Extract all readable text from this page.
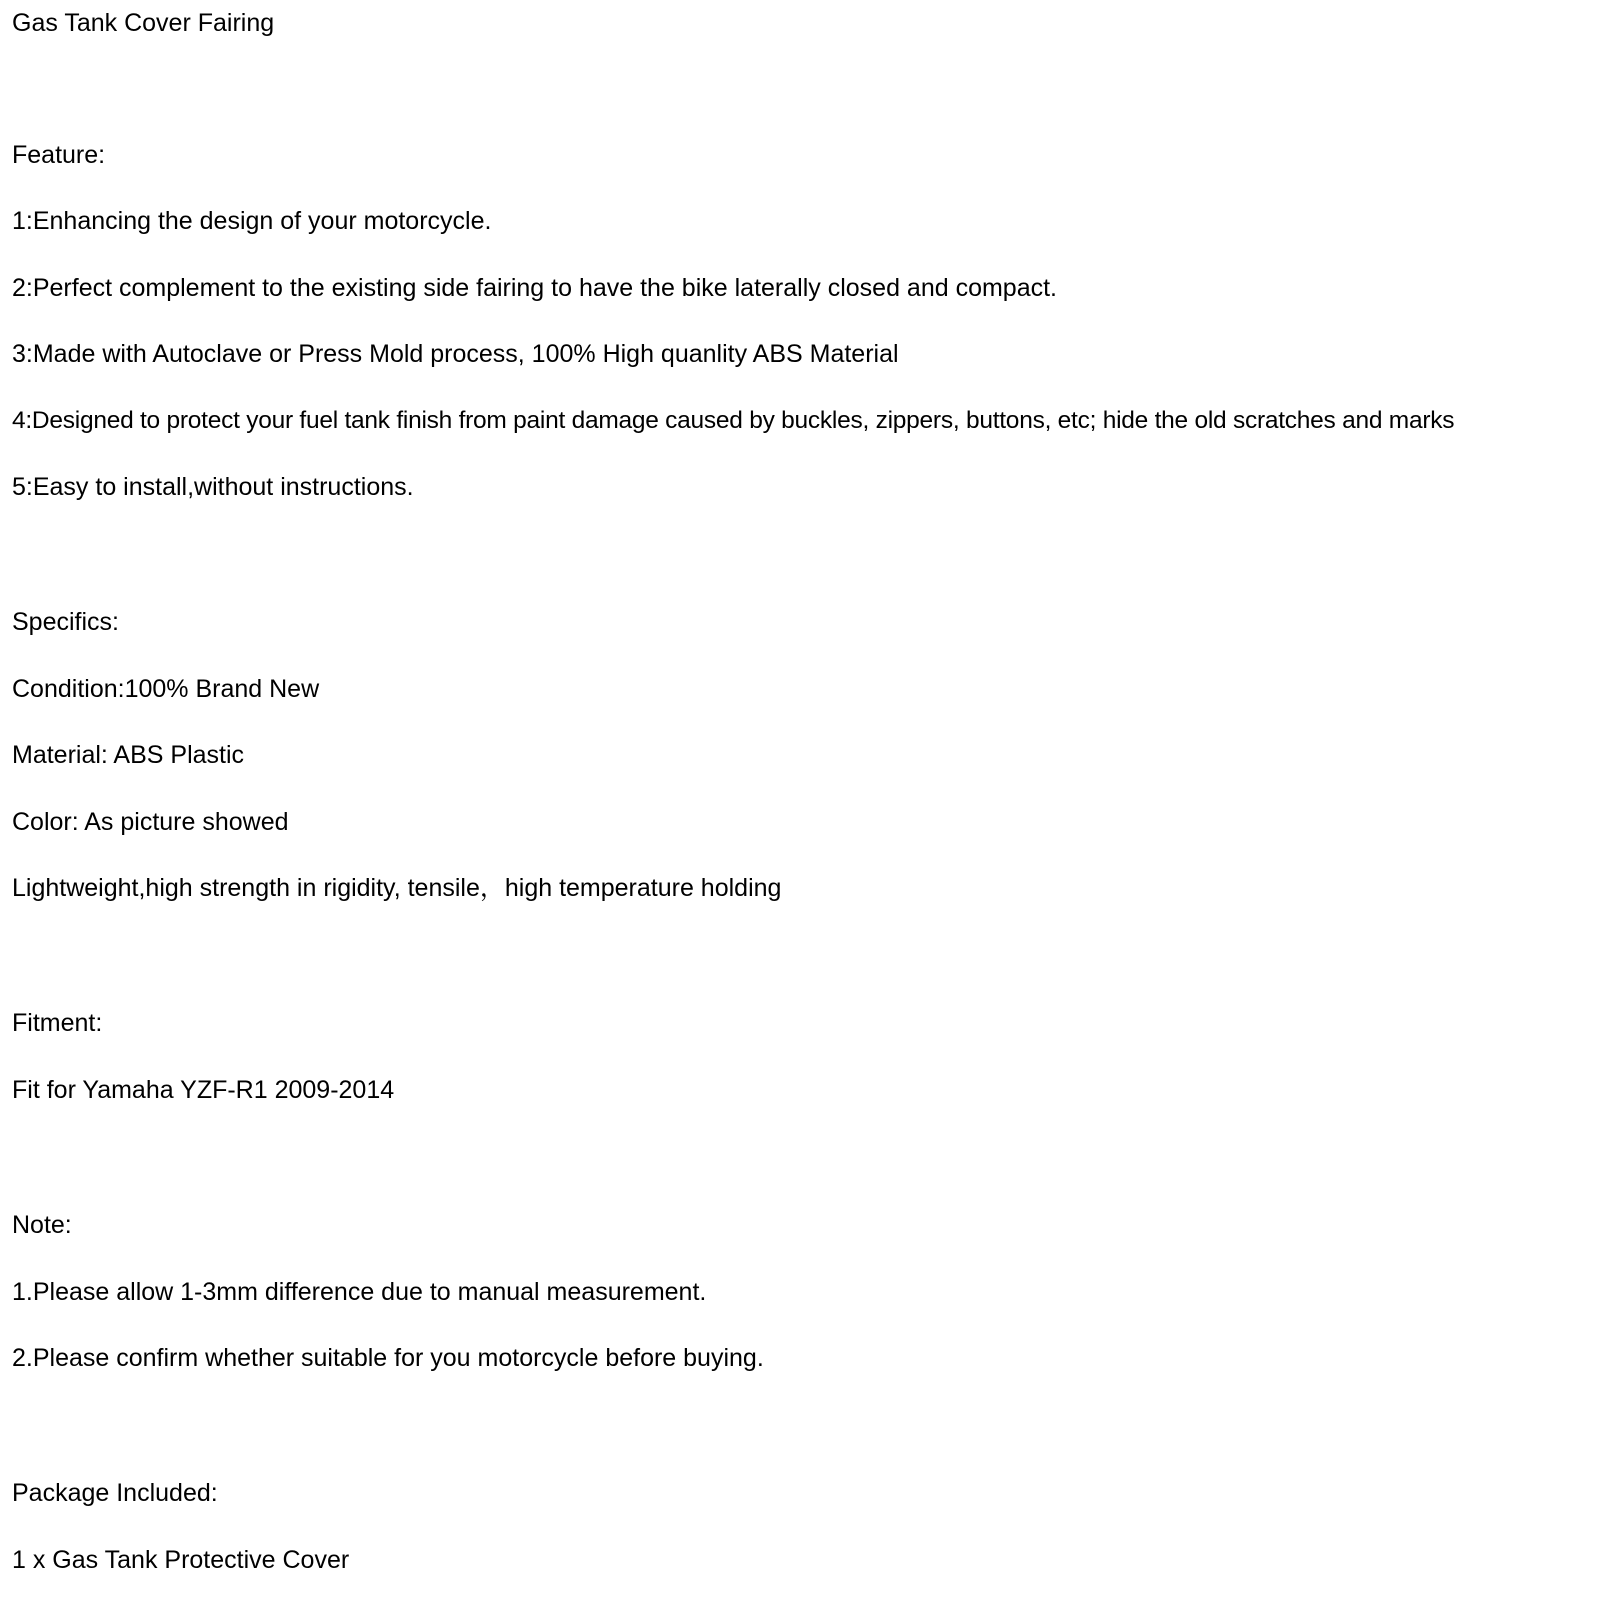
Gas Tank Cover Fairing
Feature:
1:Enhancing the design of your motorcycle.
2:Perfect complement to the existing side fairing to have the bike laterally closed and compact.
3:Made with Autoclave or Press Mold process, 100% High quanlity ABS Material
4:Designed to protect your fuel tank finish from paint damage caused by buckles, zippers, buttons, etc; hide the old scratches and marks
5:Easy to install,without instructions.
Specifics:
Condition:100% Brand New
Material: ABS Plastic
Color: As picture showed
Lightweight,high strength in rigidity, tensile，high temperature holding
Fitment:
Fit for Yamaha YZF-R1 2009-2014
Note:
1.Please allow 1-3mm difference due to manual measurement.
2.Please confirm whether suitable for you motorcycle before buying.
Package Included:
1 x Gas Tank Protective Cover
